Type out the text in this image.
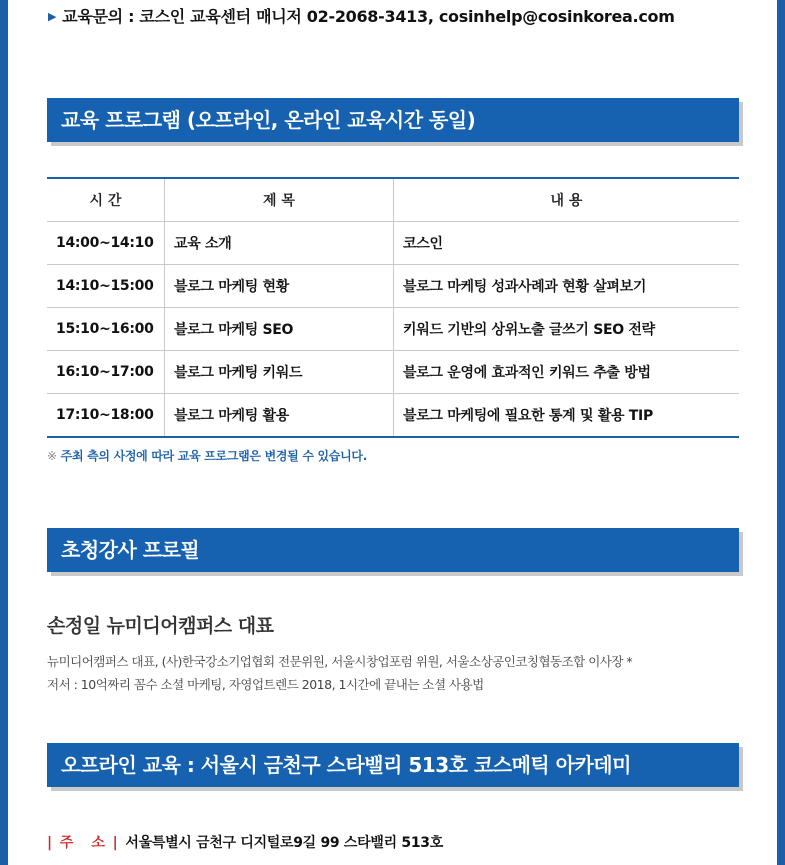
▶ 교육문의 : 코스인 교육센터 매니저 02-2068-3413, cosinhelp@cosinkorea.com
교육 프로그램 (오프라인, 온라인 교육시간 동일)
시 간	제 목	내 용
14:00~14:10	교육 소개	코스인
14:10~15:00	블로그 마케팅 현황	블로그 마케팅 성과사례과 현황 살펴보기
15:10~16:00	블로그 마케팅 SEO	키워드 기반의 상위노출 글쓰기 SEO 전략
16:10~17:00	블로그 마케팅 키워드	블로그 운영에 효과적인 키워드 추출 방법
17:10~18:00	블로그 마케팅 활용	블로그 마케팅에 필요한 통계 및 활용 TIP
※ 주최 측의 사정에 따라 교육 프로그램은 변경될 수 있습니다.
초청강사 프로필
손정일 뉴미디어캠퍼스 대표
뉴미디어캠퍼스 대표, (사)한국강소기업협회 전문위원, 서울시창업포럼 위원, 서울소상공인코칭협동조합 이사장 *
저서 : 10억짜리 꼼수 소셜 마케팅, 자영업트렌드 2018, 1시간에 끝내는 소셜 사용법
오프라인 교육 : 서울시 금천구 스타밸리 513호 코스메틱 아카데미
| 주    소 | 서울특별시 금천구 디지털로9길 99 스타밸리 513호
